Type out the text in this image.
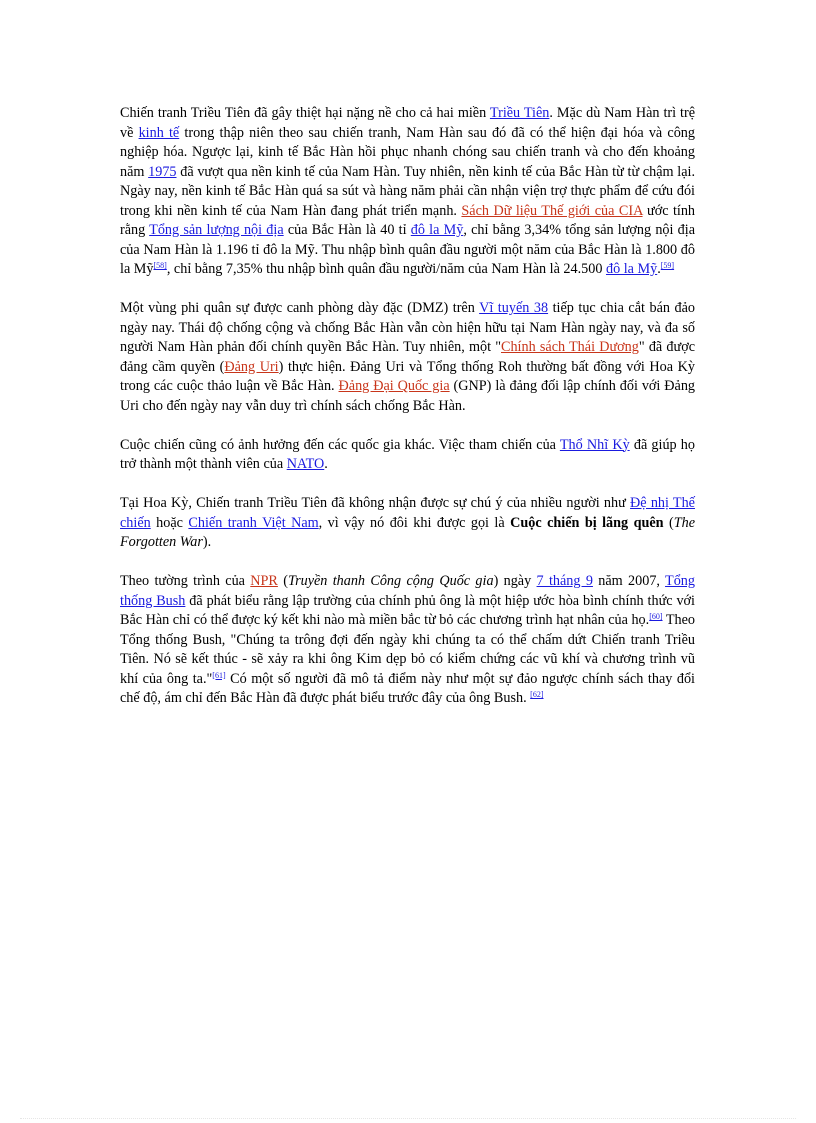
Chiến tranh Triều Tiên đã gây thiệt hại nặng nề cho cả hai miền Triều Tiên. Mặc dù Nam Hàn trì trệ về kinh tế trong thập niên theo sau chiến tranh, Nam Hàn sau đó đã có thể hiện đại hóa và công nghiệp hóa. Ngược lại, kinh tế Bắc Hàn hồi phục nhanh chóng sau chiến tranh và cho đến khoảng năm 1975 đã vượt qua nền kinh tế của Nam Hàn. Tuy nhiên, nền kinh tế của Bắc Hàn từ từ chậm lại. Ngày nay, nền kinh tế Bắc Hàn quá sa sút và hàng năm phải cần nhận viện trợ thực phẩm để cứu đói trong khi nền kinh tế của Nam Hàn đang phát triển mạnh. Sách Dữ liệu Thế giới của CIA ước tính rằng Tổng sản lượng nội địa của Bắc Hàn là 40 tỉ đô la Mỹ, chỉ bằng 3,34% tổng sản lượng nội địa của Nam Hàn là 1.196 tỉ đô la Mỹ. Thu nhập bình quân đầu người một năm của Bắc Hàn là 1.800 đô la Mỹ[58], chỉ bằng 7,35% thu nhập bình quân đầu người/năm của Nam Hàn là 24.500 đô la Mỹ.[59]

Một vùng phi quân sự được canh phòng dày đặc (DMZ) trên Vĩ tuyến 38 tiếp tục chia cắt bán đảo ngày nay. Thái độ chống cộng và chống Bắc Hàn vẫn còn hiện hữu tại Nam Hàn ngày nay, và đa số người Nam Hàn phản đối chính quyền Bắc Hàn. Tuy nhiên, một "Chính sách Thái Dương" đã được đảng cầm quyền (Đảng Uri) thực hiện. Đảng Uri và Tổng thống Roh thường bất đồng với Hoa Kỳ trong các cuộc thảo luận về Bắc Hàn. Đảng Đại Quốc gia (GNP) là đảng đối lập chính đối với Đảng Uri cho đến ngày nay vẫn duy trì chính sách chống Bắc Hàn.

Cuộc chiến cũng có ảnh hưởng đến các quốc gia khác. Việc tham chiến của Thổ Nhĩ Kỳ đã giúp họ trở thành một thành viên của NATO.

Tại Hoa Kỳ, Chiến tranh Triều Tiên đã không nhận được sự chú ý của nhiều người như Đệ nhị Thế chiến hoặc Chiến tranh Việt Nam, vì vậy nó đôi khi được gọi là Cuộc chiến bị lãng quên (The Forgotten War).

Theo tường trình của NPR (Truyền thanh Công cộng Quốc gia) ngày 7 tháng 9 năm 2007, Tổng thống Bush đã phát biểu rằng lập trường của chính phủ ông là một hiệp ước hòa bình chính thức với Bắc Hàn chỉ có thể được ký kết khi nào mà miền bắc từ bỏ các chương trình hạt nhân của họ.[60] Theo Tổng thống Bush, "Chúng ta trông đợi đến ngày khi chúng ta có thể chấm dứt Chiến tranh Triều Tiên. Nó sẽ kết thúc - sẽ xảy ra khi ông Kim dẹp bỏ có kiểm chứng các vũ khí và chương trình vũ khí của ông ta."[61] Có một số người đã mô tả điểm này như một sự đảo ngược chính sách thay đổi chế độ, ám chỉ đến Bắc Hàn đã được phát biểu trước đây của ông Bush. [62]
